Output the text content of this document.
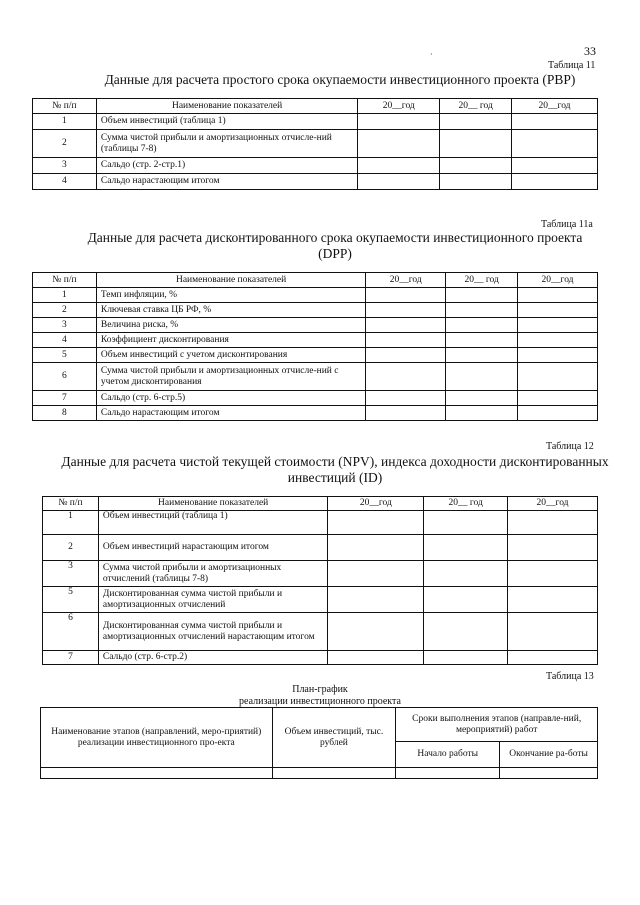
·	33
Таблица 11
Данные для расчета простого срока окупаемости инвестиционного проекта (PBP)
№ п/п	Наименование показателей	20__год	20__ год	20__год
1	Объем инвестиций (таблица 1)			
2	Сумма чистой прибыли и амортизационных отчисле-ний (таблицы 7-8)			
3	Сальдо (стр. 2-стр.1)			
4	Сальдо нарастающим итогом			
Таблица 11а
Данные для расчета дисконтированного срока окупаемости инвестиционного проекта
(DPP)
№ п/п	Наименование показателей	20__год	20__ год	20__год
1	Темп инфляции, %			
2	Ключевая ставка ЦБ РФ, %			
3	Величина риска, %			
4	Коэффициент дисконтирования			
5	Объем инвестиций с учетом дисконтирования			
6	Сумма чистой прибыли и амортизационных отчисле-ний с учетом дисконтирования			
7	Сальдо (стр. 6-стр.5)			
8	Сальдо нарастающим итогом			
Таблица 12
Данные для расчета чистой текущей стоимости (NPV), индекса доходности дисконтированных
инвестиций (ID)
№ п/п	Наименование показателей	20__год	20__ год	20__год
1	Объем инвестиций (таблица 1)			
2	Объем инвестиций нарастающим итогом			
3	Сумма чистой прибыли и амортизационных отчислений (таблицы 7-8)			
5	Дисконтированная сумма чистой прибыли и амортизационных отчислений			
6	Дисконтированная сумма чистой прибыли и амортизационных отчислений нарастающим итогом			
7	Сальдо (стр. 6-стр.2)			
Таблица 13
План-график
реализации инвестиционного проекта
Наименование этапов (направлений, меро-приятий) реализации инвестиционного про-екта	Объем инвестиций, тыс. рублей	Сроки выполнения этапов (направле-ний, мероприятий) работ	
		Начало работы	Окончание ра-боты
